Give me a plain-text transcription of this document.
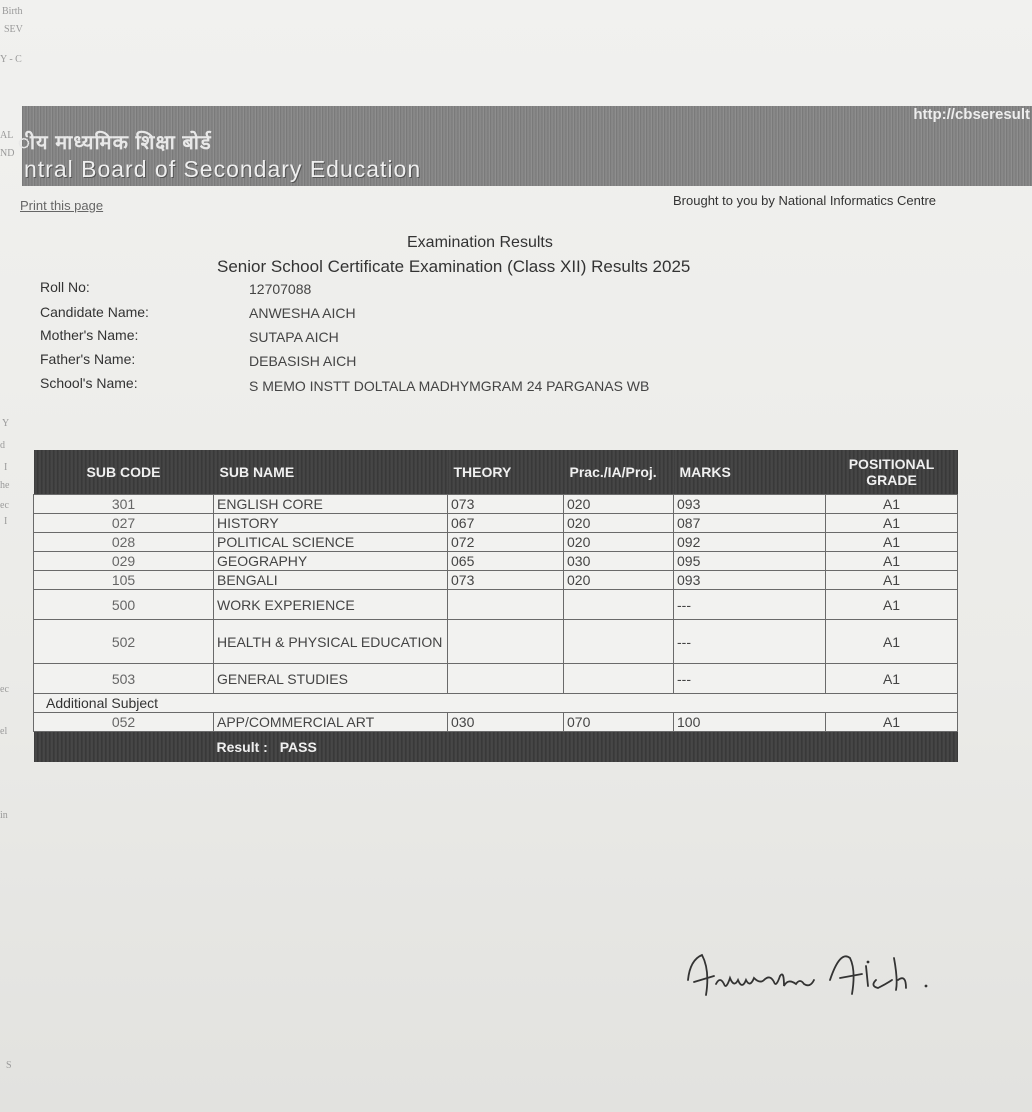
Birth
SEV
Y - C
AL
ND
Y
d
I
he
ec
I
ec
el
in
S
ीय माध्यमिक शिक्षा बोर्ड
ntral Board of Secondary Education
http://cbseresult
Print this page	Brought to you by National Informatics Centre
Examination Results
Senior School Certificate Examination (Class XII) Results 2025
Roll No:	12707088
Candidate Name:	ANWESHA AICH
Mother's Name:	SUTAPA AICH
Father's Name:	DEBASISH AICH
School's Name:	S MEMO INSTT DOLTALA MADHYMGRAM 24 PARGANAS WB
SUB CODE	SUB NAME	THEORY	Prac./IA/Proj.	MARKS	POSITIONAL GRADE
301	ENGLISH CORE	073	020	093	A1
027	HISTORY	067	020	087	A1
028	POLITICAL SCIENCE	072	020	092	A1
029	GEOGRAPHY	065	030	095	A1
105	BENGALI	073	020	093	A1
500	WORK EXPERIENCE			---	A1
502	HEALTH & PHYSICAL EDUCATION			---	A1
503	GENERAL STUDIES			---	A1
Additional Subject					
052	APP/COMMERCIAL ART	030	070	100	A1
	Result : PASS				
